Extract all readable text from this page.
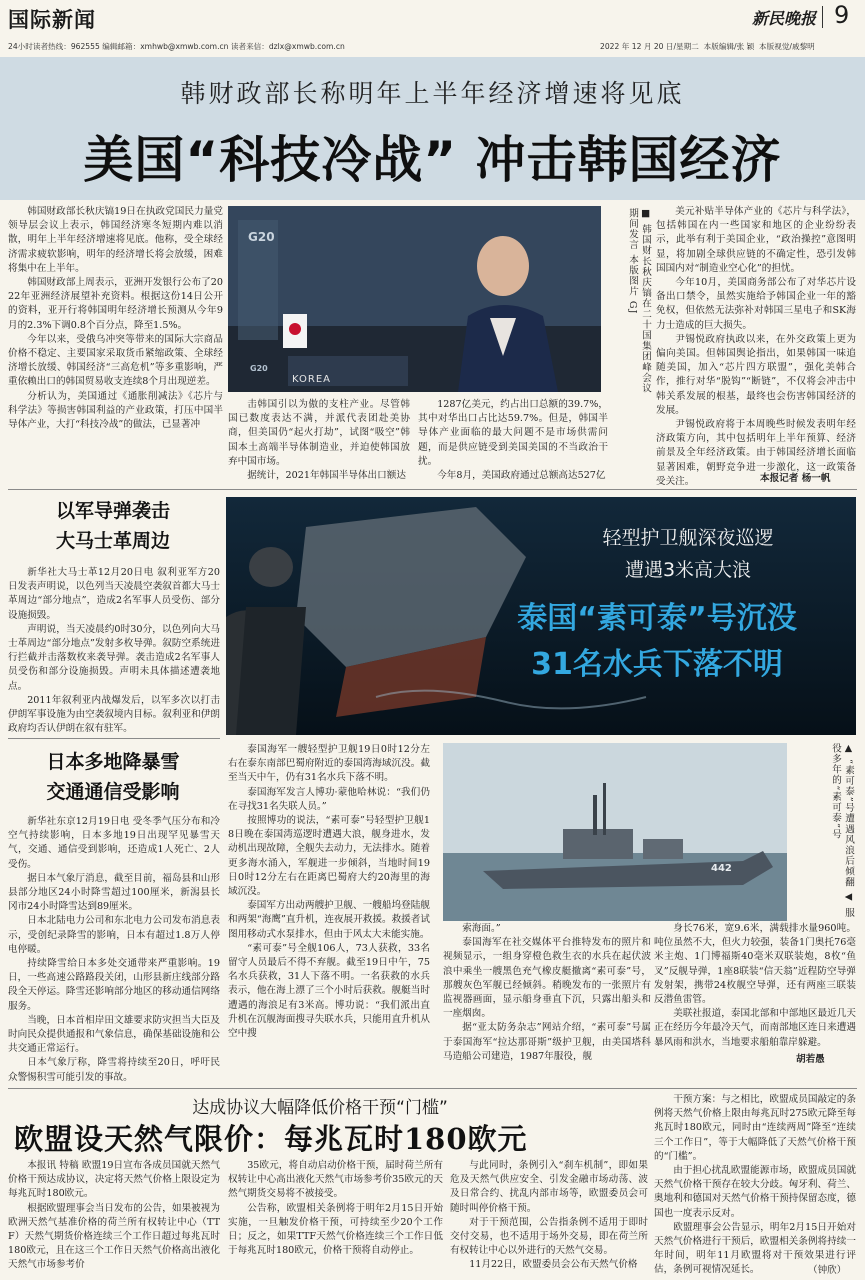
国际新闻	新民晚报 9
24小时读者热线：962555 编辑邮箱：xmhwb@xmwb.com.cn 读者来信：dzlx@xmwb.com.cn	2022 年 12 月 20 日/星期二 本版编辑/张 颖 本版视觉/戚黎明
韩财政部长称明年上半年经济增速将见底
美国“科技冷战” 冲击韩国经济
韩国财政部长秋庆镐19日在执政党国民力量党领导层会议上表示，韩国经济寒冬短期内难以消散，明年上半年经济增速将见底。他称，受全球经济需求疲软影响，明年的经济增长将会放缓，困难将集中在上半年。
韩国财政部上周表示，亚洲开发银行公布了2022年亚洲经济展望补充资料。根据这份14日公开的资料，亚开行将韩国明年经济增长预测从今年9月的2.3%下调0.8个百分点，降至1.5%。
今年以来，受俄乌冲突等带来的国际大宗商品价格不稳定、主要国家采取货币紧缩政策、全球经济增长放缓、韩国经济“三高危机”等多重影响，严重依赖出口的韩国贸易收支连续8个月出现逆差。
分析认为，美国通过《通胀削减法》《芯片与科学法》等损害韩国利益的产业政策，打压中国半导体产业，大打“科技冷战”的做法，已显著冲
G20
KOREA
G20	■ 韩国财长秋庆镐在二十国集团峰会议期间发言 本版图片 GJ
击韩国引以为傲的支柱产业。尽管韩国已数度表达不满，并派代表团赴美协商，但美国仍“起火打劫”，试图“吸空”韩国本土高端半导体制造业，并迫使韩国放弃中国市场。
据统计，2021年韩国半导体出口额达
1287亿美元，约占出口总额的39.7%，其中对华出口占比达59.7%。但是，韩国半导体产业面临的最大问题不是市场供需问题，而是供应链受到美国美国的不当政治干扰。
今年8月，美国政府通过总额高达527亿
美元补贴半导体产业的《芯片与科学法》，包括韩国在内一些国家和地区的企业纷纷表示，此举有利于美国企业，“政治操控”意图明显，将加剧全球供应链的不确定性，恐引发韩国国内对“制造业空心化”的担忧。
今年10月，美国商务部公布了对华芯片设备出口禁令，虽然实施给予韩国企业一年的豁免权，但依然无法弥补对韩国三星电子和SK海力士造成的巨大损失。
尹锡悦政府执政以来，在外交政策上更为偏向美国。但韩国舆论指出，如果韩国一味追随美国，加入“芯片四方联盟”，强化美韩合作，推行对华“脱钩”“断链”，不仅将会冲击中韩关系发展的根基，最终也会伤害韩国经济的发展。
尹锡悦政府将于本周晚些时候发表明年经济政策方向，其中包括明年上半年预算、经济前景及全年经济政策。由于韩国经济增长面临显著困难，朝野竞争进一步激化，这一政策备受关注。	本报记者 杨一帆
以军导弹袭击
大马士革周边
新华社大马士革12月20日电 叙利亚军方20日发表声明说，以色列当天凌晨空袭叙首都大马士革周边“部分地点”，造成2名军事人员受伤、部分设施损毁。
声明说，当天凌晨约0时30分，以色列向大马士革周边“部分地点”发射多枚导弹。叙防空系统进行拦截并击落数枚来袭导弹。袭击造成2名军事人员受伤和部分设施损毁。声明未具体描述遭袭地点。
2011年叙利亚内战爆发后，以军多次以打击伊朗军事设施为由空袭叙境内目标。叙利亚和伊朗政府均否认伊朗在叙有驻军。
日本多地降暴雪
交通通信受影响
新华社东京12月19日电 受冬季气压分布和冷空气持续影响，日本多地19日出现罕见暴雪天气，交通、通信受到影响，还造成1人死亡、2人受伤。
据日本气象厅消息，截至目前，福岛县和山形县部分地区24小时降雪超过100厘米，新潟县长冈市24小时降雪达到89厘米。
日本北陆电力公司和东北电力公司发布消息表示，受创纪录降雪的影响，日本有超过1.8万人停电停暖。
持续降雪给日本多处交通带来严重影响。19日，一些高速公路路段关闭，山形县新庄线部分路段全天停运。降雪还影响部分地区的移动通信网络服务。
当晚，日本首相岸田文雄要求防灾担当大臣及时向民众提供通报和气象信息，确保基础设施和公共交通正常运行。
日本气象厅称，降雪将持续至20日，呼吁民众警惕积雪可能引发的事故。
轻型护卫舰深夜巡逻
遭遇3米高大浪
泰国“素可泰”号沉没
31名水兵下落不明
泰国海军一艘轻型护卫舰19日0时12分左右在泰东南部巴蜀府附近的泰国湾海域沉没。截至当天中午，仍有31名水兵下落不明。
泰国海军发言人博功·蒙他哈林说：“我们仍在寻找31名失联人员。”
按照博功的说法，“素可泰”号轻型护卫舰18日晚在泰国湾巡逻时遭遇大浪，舰身进水，发动机出现故障，全舰失去动力，无法排水。随着更多海水涌入，军舰进一步倾斜，当地时间19日0时12分左右在距离巴蜀府大约20海里的海域沉没。
泰国军方出动两艘护卫舰、一艘船坞登陆舰和两架“海鹰”直升机，连夜展开救援。救援者试图用移动式水泵排水，但由于风太大未能实施。
“素可泰”号全舰106人，73人获救，33名留守人员最后不得不弃舰。截至19日中午，75名水兵获救，31人下落不明。一名获救的水兵表示，他在海上漂了三个小时后获救。舰艇当时遭遇的海浪足有3米高。博功说：“我们派出直升机在沉舰海面搜寻失联水兵，只能用直升机从空中搜
442	▲ “素可泰”号遭遇风浪后倾翻 ◀ 服役多年的“素可泰”号
索海面。”
泰国海军在社交媒体平台推特发布的照片和视频显示，一组身穿橙色救生衣的水兵在起伏波浪中乘坐一艘黑色充气橡皮艇撤离“素可泰”号，那艘灰色军舰已经倾斜。稍晚发布的一张照片有监视器画面，显示船身垂直下沉，只露出船头和一座烟囱。
据“亚太防务杂志”网站介绍，“素可泰”号属于泰国海军“拉达那哥斯”级护卫舰，由美国塔科马造船公司建造，1987年服役，舰
身长76米，宽9.6米，满载排水量960吨。吨位虽然不大，但火力较强，装备1门奥托76毫米主炮、1门博福斯40毫米双联装炮，8枚“鱼叉”反舰导弹，1座8联装“信天翁”近程防空导弹发射架，携带24枚舰空导弹，还有两座三联装反潜鱼雷管。
美联社报道，泰国北部和中部地区最近几天正在经历今年最冷天气，而南部地区连日来遭遇暴风雨和洪水，当地要求船舶靠岸躲避。
胡若愚
达成协议大幅降低价格干预“门槛”
欧盟设天然气限价：每兆瓦时180欧元
本报讯 特稿 欧盟19日宣布各成员国就天然气价格干预达成协议，决定将天然气价格上限设定为每兆瓦时180欧元。
根据欧盟理事会当日发布的公告，如果被视为欧洲天然气基准价格的荷兰所有权转让中心（TTF）天然气期货价格连续三个工作日超过每兆瓦时180欧元，且在这三个工作日天然气价格高出液化天然气市场参考价
35欧元，将自动启动价格干预，届时荷兰所有权转让中心高出液化天然气市场参考价35欧元的天然气期货交易将不被接受。
公告称，欧盟相关条例将于明年2月15日开始实施，一旦触发价格干预，可持续至少20个工作日；反之，如果TTF天然气价格连续三个工作日低于每兆瓦时180欧元，价格干预将自动停止。
与此同时，条例引入“刹车机制”，即如果危及天然气供应安全、引发金融市场动荡、波及日常合约、扰乱内部市场等，欧盟委员会可随时叫停价格干预。
对于干预范围，公告指条例不适用于即时交付交易，也不适用于场外交易，即在荷兰所有权转让中心以外进行的天然气交易。
11月22日，欧盟委员会公布天然气价格
干预方案：与之相比，欧盟成员国敲定的条例将天然气价格上限由每兆瓦时275欧元降至每兆瓦时180欧元，同时由“连续两周”降至“连续三个工作日”，等于大幅降低了天然气价格干预的“门槛”。
由于担心扰乱欧盟能源市场，欧盟成员国就天然气价格干预存在较大分歧。匈牙利、荷兰、奥地利和德国对天然气价格干预持保留态度，德国也一度表示反对。
欧盟理事会公告显示，明年2月15日开始对天然气价格进行干预后，欧盟相关条例将持续一年时间，明年11月欧盟将对干预效果进行评估，条例可视情况延长。	（钟欣）
